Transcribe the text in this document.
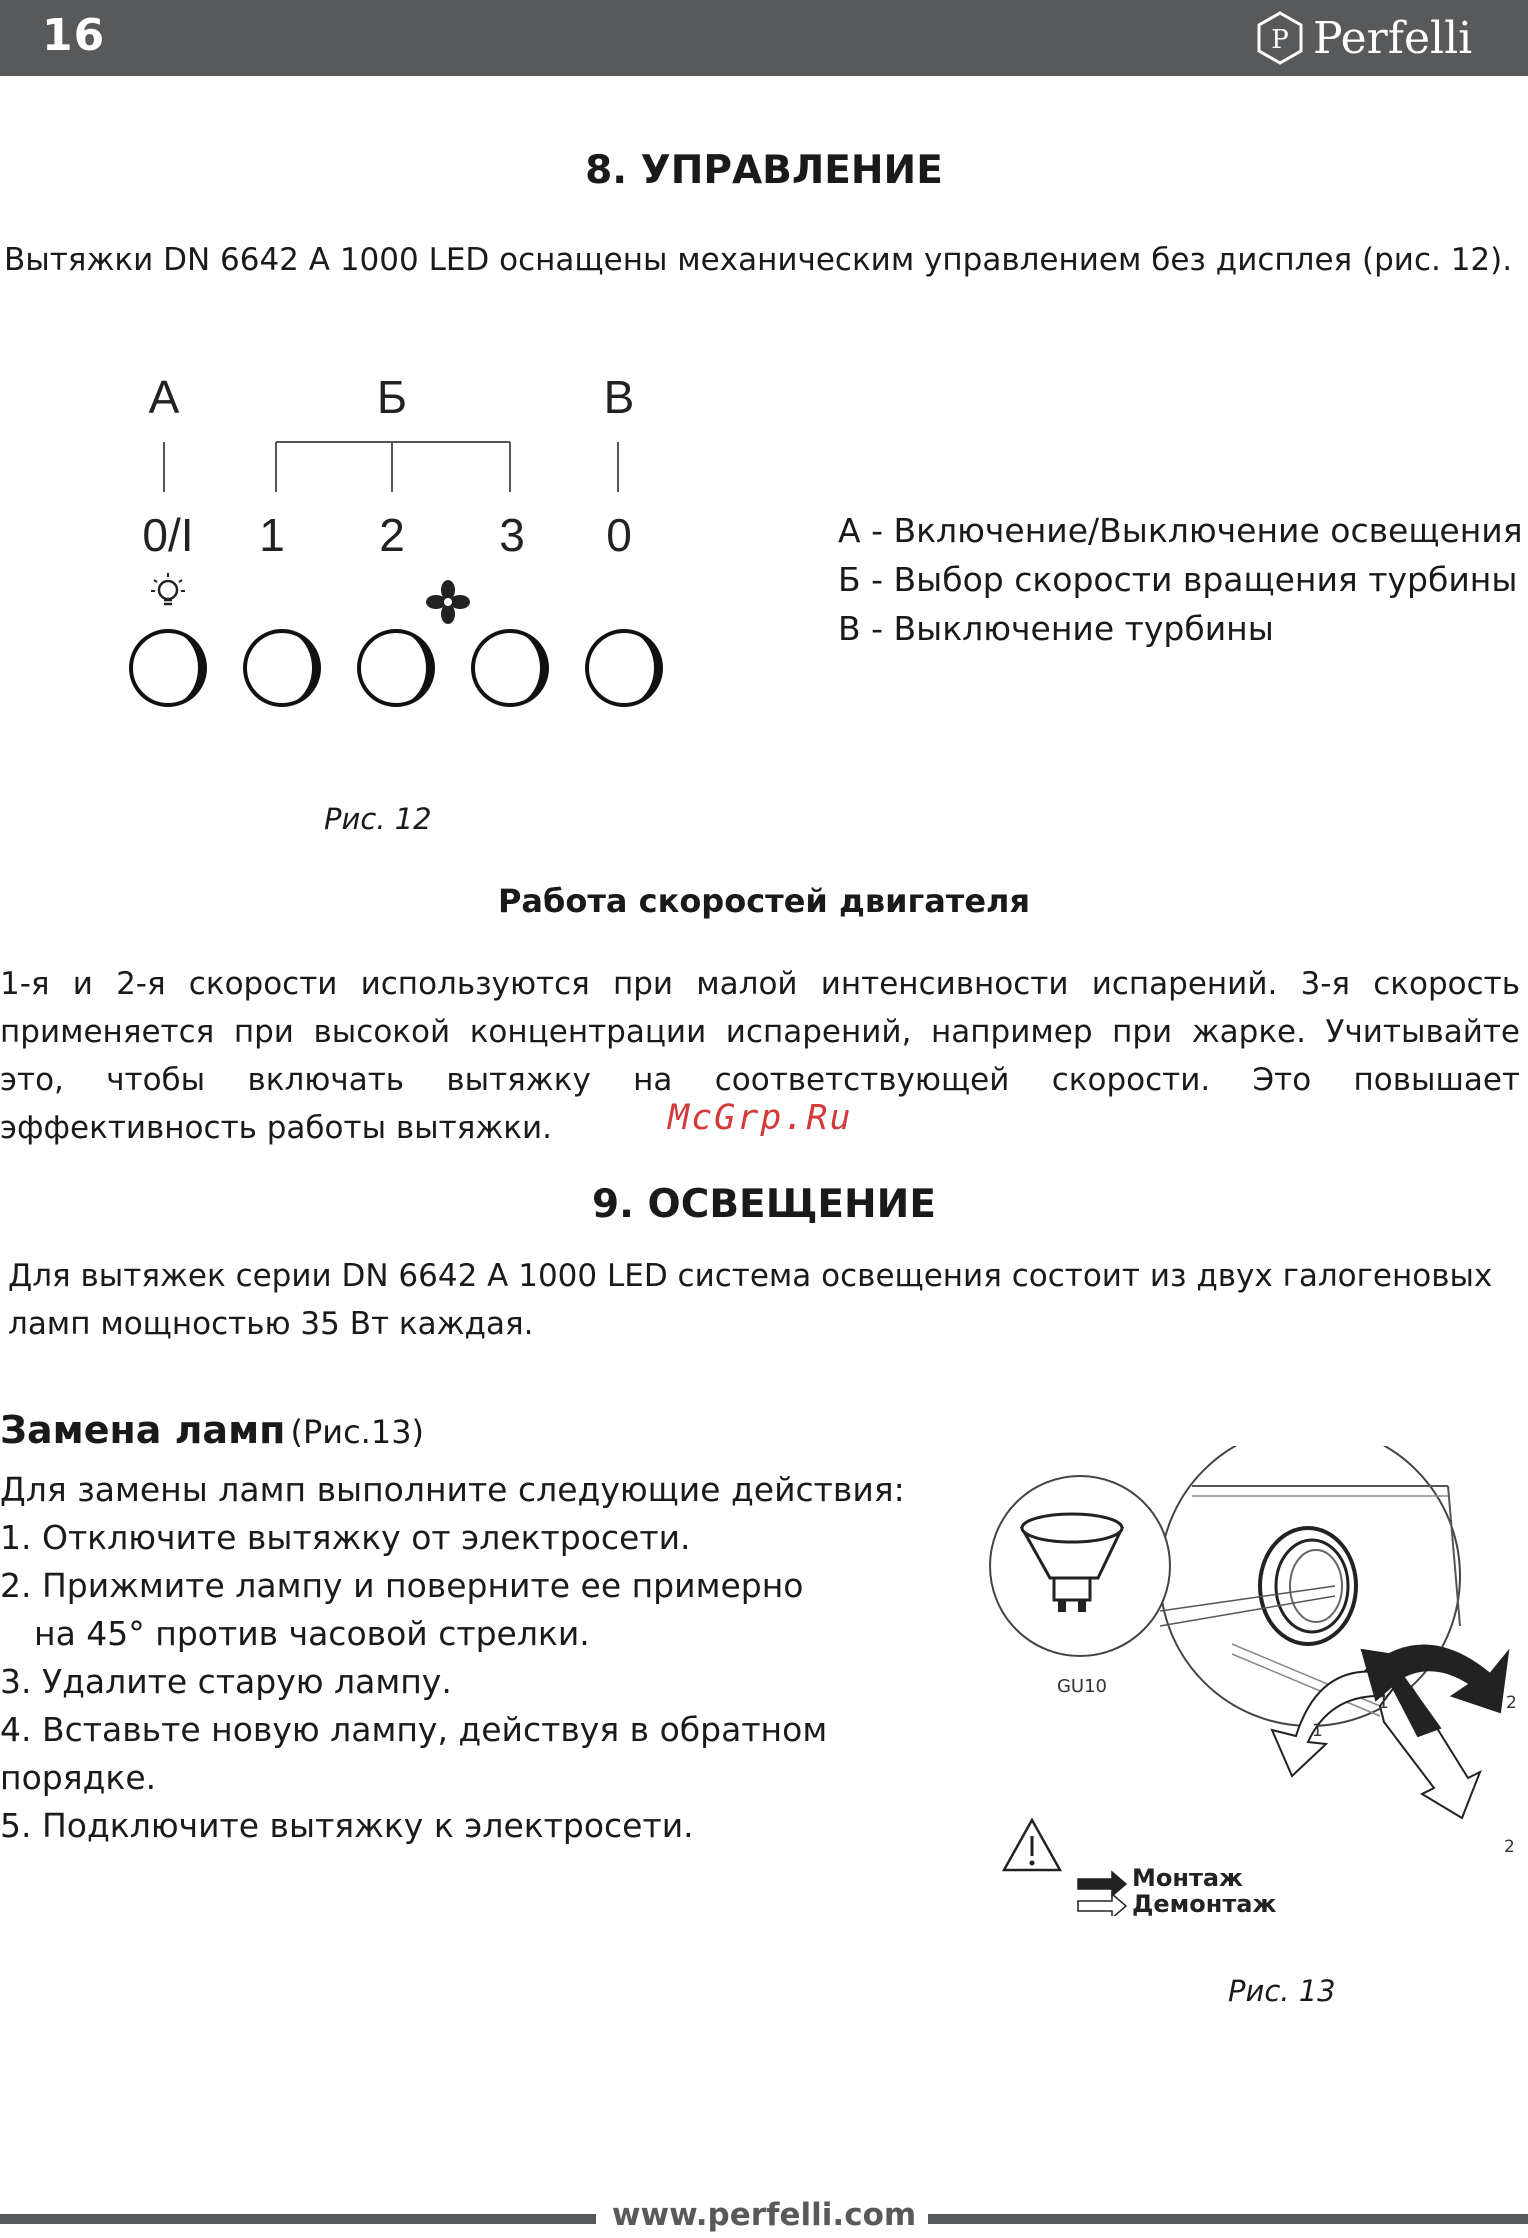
16	P Perfelli
8. УПРАВЛЕНИЕ
Вытяжки DN 6642 A 1000 LED оснащены механическим управлением без дисплея (рис. 12).
А	Б	В
0/I	1	2	3	0	А - Включение/Выключение освещения
Б - Выбор скорости вращения турбины
В - Выключение турбины
Рис. 12
Работа скоростей двигателя
1-я и 2-я скорости используются при малой интенсивности испарений. 3-я скорость
применяется при высокой концентрации испарений, например при жарке. Учитывайте
это, чтобы включать вытяжку на соответствующей скорости. Это повышает
эффективность работы вытяжки.	McGrp.Ru
9. ОСВЕЩЕНИЕ
Для вытяжек серии DN 6642 A 1000 LED система освещения состоит из двух галогеновых
ламп мощностью 35 Вт каждая.
Замена ламп (Рис.13)
Для замены ламп выполните следующие действия:
1. Отключите вытяжку от электросети.
2. Прижмите лампу и поверните ее примерно
на 45° против часовой стрелки.
3. Удалите старую лампу.
4. Вставьте новую лампу, действуя в обратном порядке.
5. Подключите вытяжку к электросети.
GU10
1	2
1
2
Монтаж
Демонтаж
Рис. 13
www.perfelli.com
